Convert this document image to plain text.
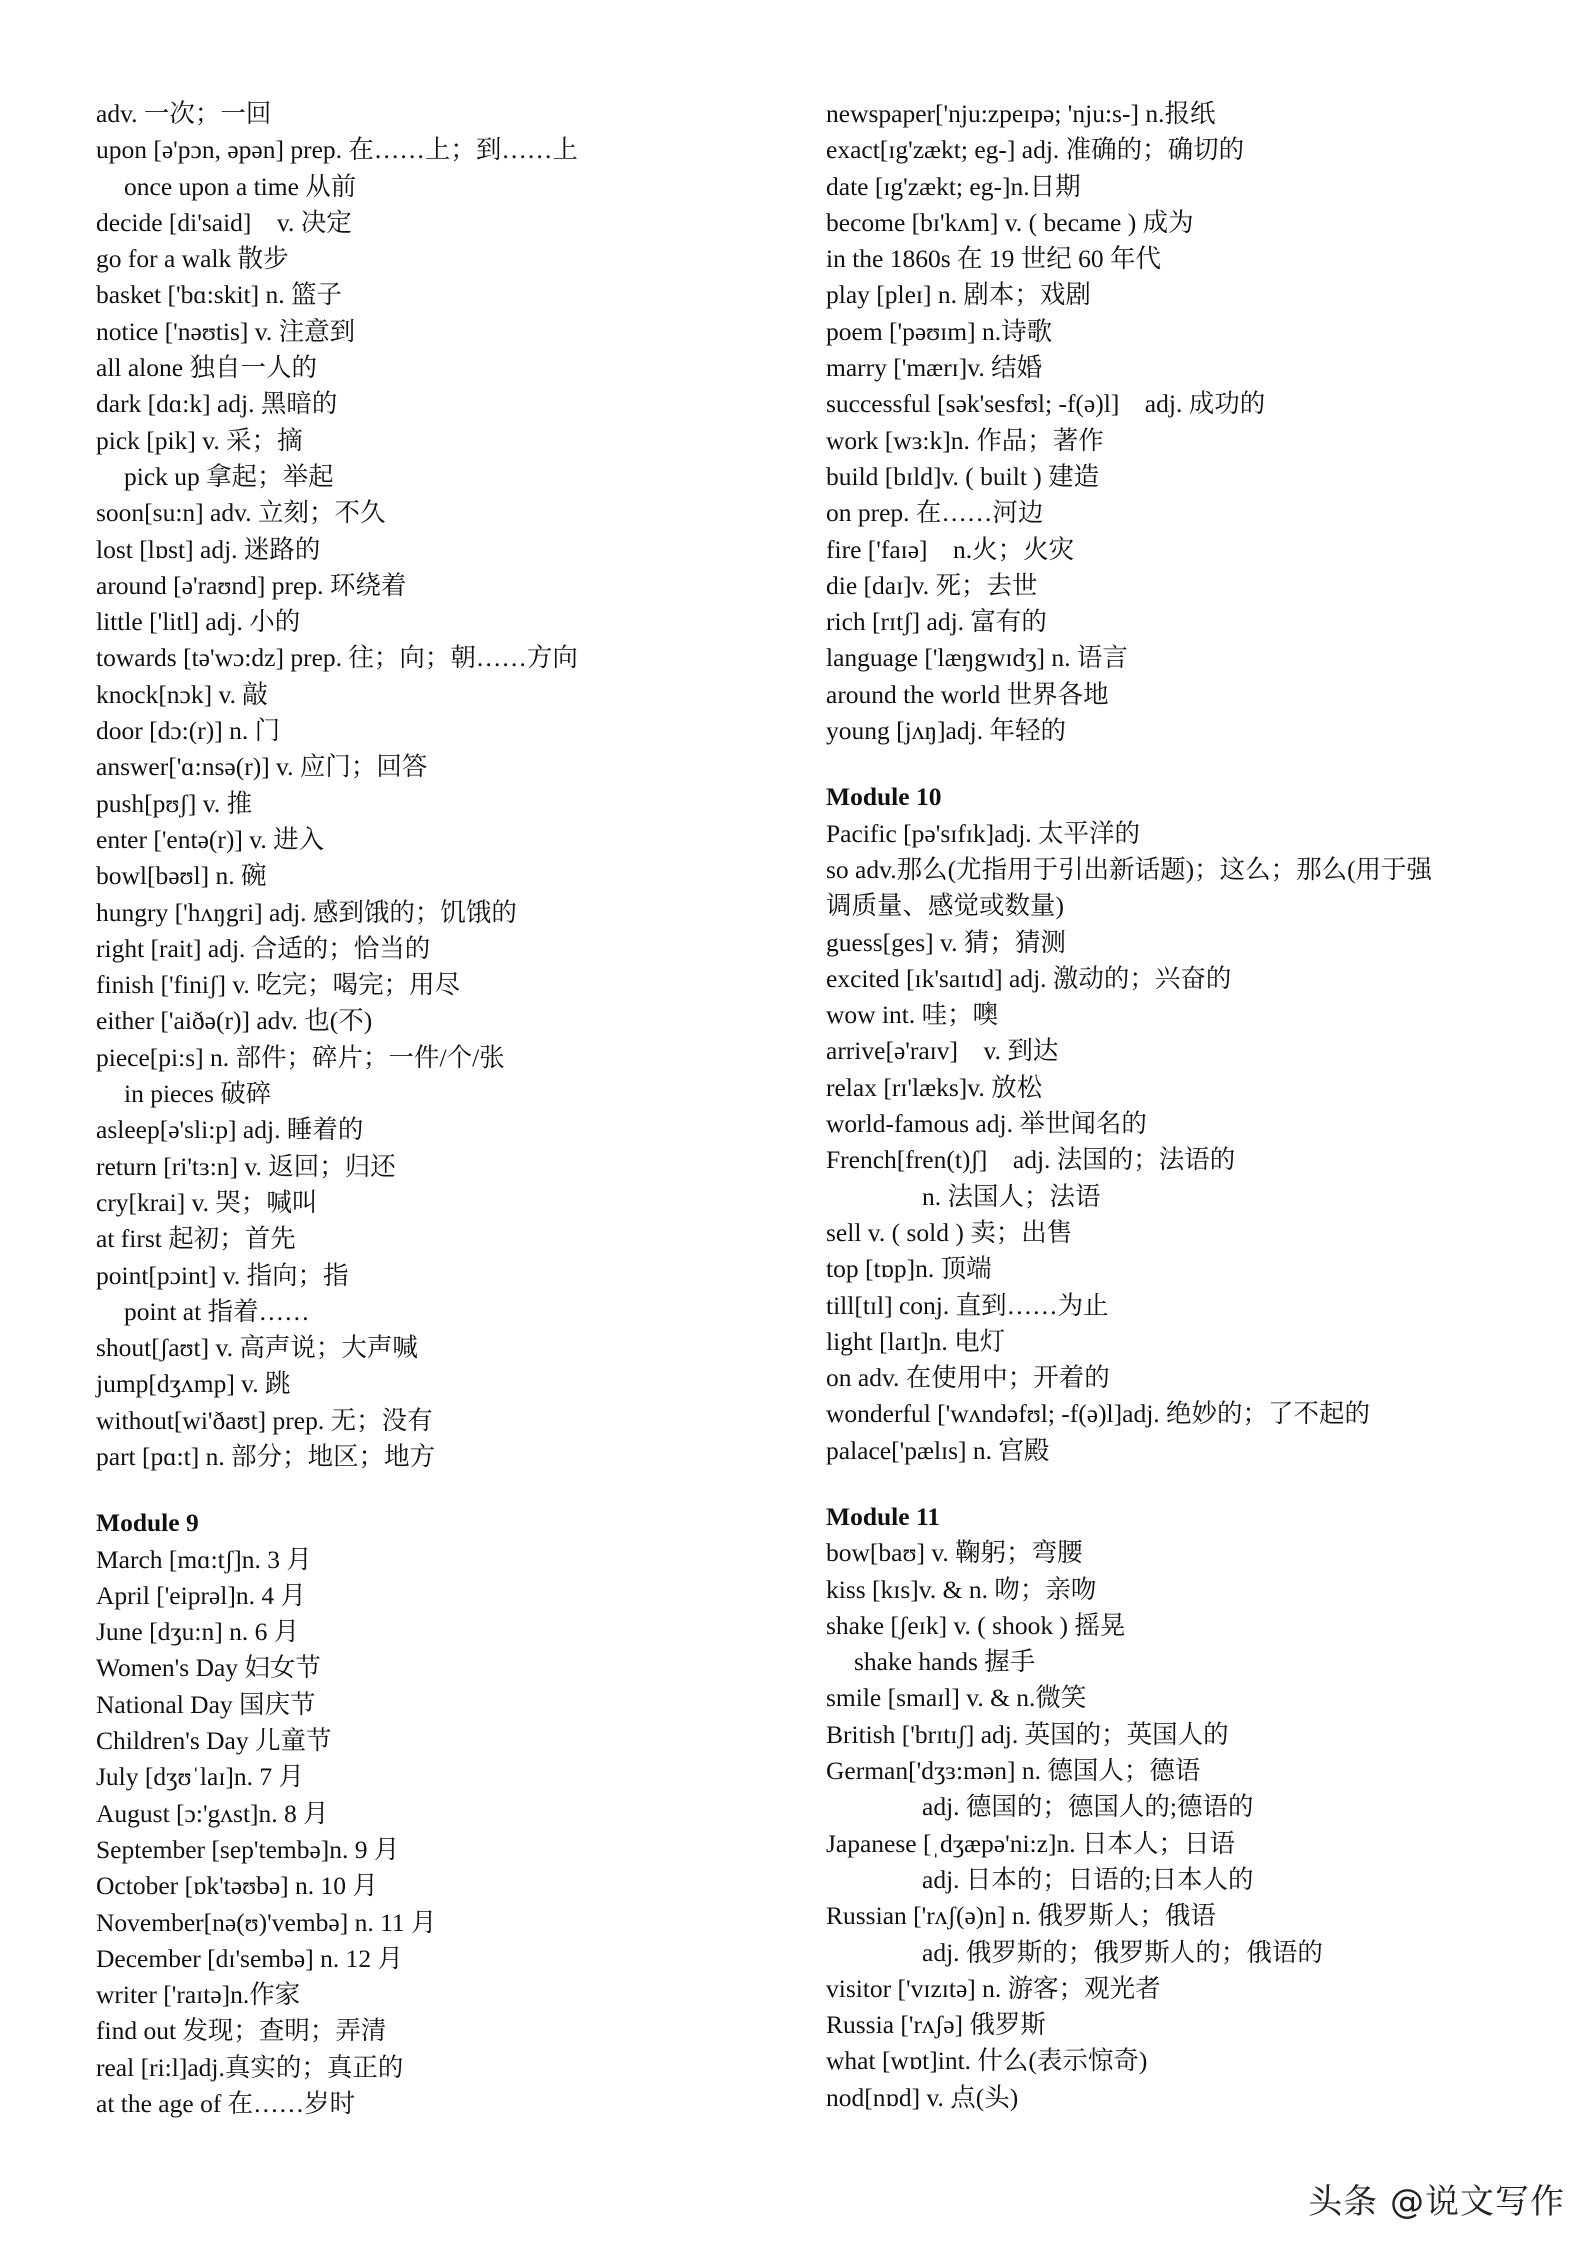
adv. 一次；一回
upon [ə'pɔn, əpən] prep. 在……上；到……上
once upon a time 从前
decide [di'said]　v. 决定
go for a walk 散步
basket ['bɑ:skit] n. 篮子
notice ['nəʊtis] v. 注意到
all alone 独自一人的
dark [dɑ:k] adj. 黑暗的
pick [pik] v. 采；摘
pick up 拿起；举起
soon[su:n] adv. 立刻；不久
lost [lɒst] adj. 迷路的
around [ə'raʊnd] prep. 环绕着
little ['litl] adj. 小的
towards [tə'wɔ:dz] prep. 往；向；朝……方向
knock[nɔk] v. 敲
door [dɔ:(r)] n. 门
answer['ɑ:nsə(r)] v. 应门；回答
push[pʊʃ] v. 推
enter ['entə(r)] v. 进入
bowl[bəʊl] n. 碗
hungry ['hʌŋgri] adj. 感到饿的；饥饿的
right [rait] adj. 合适的；恰当的
finish ['finiʃ] v. 吃完；喝完；用尽
either ['aiðə(r)] adv. 也(不)
piece[pi:s] n. 部件；碎片；一件/个/张
in pieces 破碎
asleep[ə'sli:p] adj. 睡着的
return [ri'tɜ:n] v. 返回；归还
cry[krai] v. 哭；喊叫
at first 起初；首先
point[pɔint] v. 指向；指
point at 指着……
shout[ʃaʊt] v. 高声说；大声喊
jump[dʒʌmp] v. 跳
without[wi'ðaʊt] prep. 无；没有
part [pɑ:t] n. 部分；地区；地方
Module 9
March [mɑ:tʃ]n. 3 月
April ['eiprəl]n. 4 月
June [dʒu:n] n. 6 月
Women's Day 妇女节
National Day 国庆节
Children's Day 儿童节
July [dʒʊˈlaɪ]n. 7 月
August [ɔ:'gʌst]n. 8 月
September [sep'tembə]n. 9 月
October [ɒk'təʊbə] n. 10 月
November[nə(ʊ)'vembə] n. 11 月
December [dɪ'sembə] n. 12 月
writer ['raɪtə]n.作家
find out 发现；查明；弄清
real [ri:l]adj.真实的；真正的
at the age of 在……岁时
newspaper['nju:zpeɪpə; 'nju:s-] n.报纸
exact[ɪg'zækt; eg-] adj. 准确的；确切的
date [ɪg'zækt; eg-]n.日期
become [bɪ'kʌm] v. ( became ) 成为
in the 1860s 在 19 世纪 60 年代
play [pleɪ] n. 剧本；戏剧
poem ['pəʊɪm] n.诗歌
marry ['mærɪ]v. 结婚
successful [sək'sesfʊl; -f(ə)l]　adj. 成功的
work [wɜ:k]n. 作品；著作
build [bɪld]v. ( built ) 建造
on prep. 在……河边
fire ['faɪə]　n.火；火灾
die [daɪ]v. 死；去世
rich [rɪtʃ] adj. 富有的
language ['læŋgwɪdʒ] n. 语言
around the world 世界各地
young [jʌŋ]adj. 年轻的
Module 10
Pacific [pə'sɪfɪk]adj. 太平洋的
so adv.那么(尤指用于引出新话题)；这么；那么(用于强
调质量、感觉或数量)
guess[ges] v. 猜；猜测
excited [ɪk'saɪtɪd] adj. 激动的；兴奋的
wow int. 哇；噢
arrive[ə'raɪv]　v. 到达
relax [rɪ'læks]v. 放松
world-famous adj. 举世闻名的
French[fren(t)ʃ]　adj. 法国的；法语的
n. 法国人；法语
sell v. ( sold ) 卖；出售
top [tɒp]n. 顶端
till[tɪl] conj. 直到……为止
light [laɪt]n. 电灯
on adv. 在使用中；开着的
wonderful ['wʌndəfʊl; -f(ə)l]adj. 绝妙的；了不起的
palace['pælɪs] n. 宫殿
Module 11
bow[baʊ] v. 鞠躬；弯腰
kiss [kɪs]v. & n. 吻；亲吻
shake [ʃeɪk] v. ( shook ) 摇晃
shake hands 握手
smile [smaɪl] v. & n.微笑
British ['brɪtɪʃ] adj. 英国的；英国人的
German['dʒɜ:mən] n. 德国人；德语
adj. 德国的；德国人的;德语的
Japanese [ˌdʒæpə'ni:z]n. 日本人；日语
adj. 日本的；日语的;日本人的
Russian ['rʌʃ(ə)n] n. 俄罗斯人；俄语
adj. 俄罗斯的；俄罗斯人的；俄语的
visitor ['vɪzɪtə] n. 游客；观光者
Russia ['rʌʃə] 俄罗斯
what [wɒt]int. 什么(表示惊奇)
nod[nɒd] v. 点(头)
头条 @说文写作
